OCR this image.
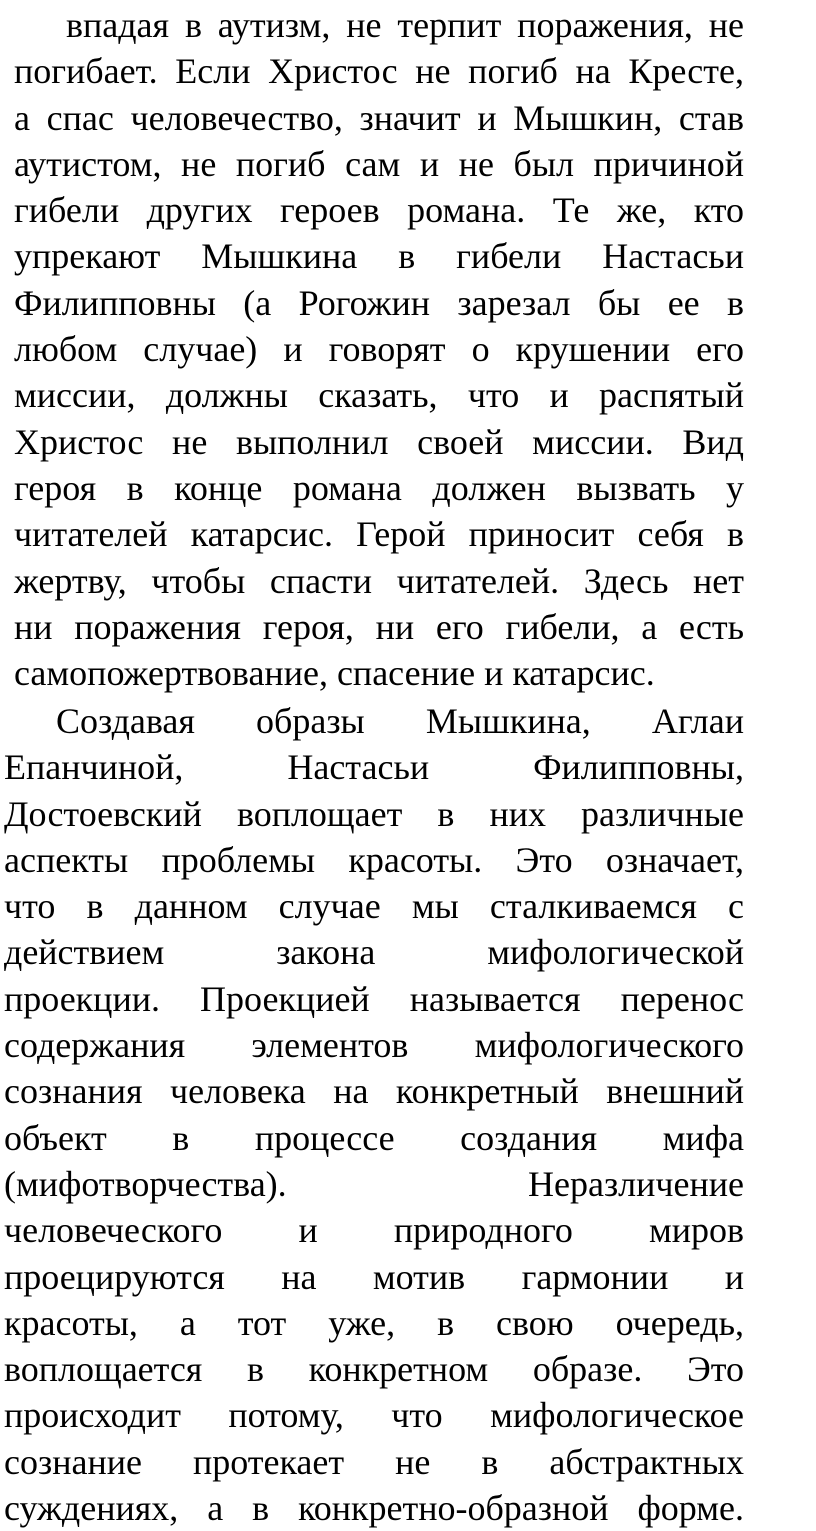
впадая в аутизм, не терпит поражения, не
погибает. Если Христос не погиб на Кресте,
а спас человечество, значит и Мышкин, став
аутистом, не погиб сам и не был причиной
гибели других героев романа. Те же, кто
упрекают Мышкина в гибели Настасьи
Филипповны (а Рогожин зарезал бы ее в
любом случае) и говорят о крушении его
миссии, должны сказать, что и распятый
Христос не выполнил своей миссии. Вид
героя в конце романа должен вызвать у
читателей катарсис. Герой приносит себя в
жертву, чтобы спасти читателей. Здесь нет
ни поражения героя, ни его гибели, а есть
самопожертвование, спасение и катарсис.
Создавая образы Мышкина, Аглаи
Епанчиной, Настасьи Филипповны,
Достоевский воплощает в них различные
аспекты проблемы красоты. Это означает,
что в данном случае мы сталкиваемся с
действием закона мифологической
проекции. Проекцией называется перенос
содержания элементов мифологического
сознания человека на конкретный внешний
объект в процессе создания мифа
(мифотворчества). Неразличение
человеческого и природного миров
проецируются на мотив гармонии и
красоты, а тот уже, в свою очередь,
воплощается в конкретном образе. Это
происходит потому, что мифологическое
сознание протекает не в абстрактных
суждениях, а в конкретно-образной форме.
